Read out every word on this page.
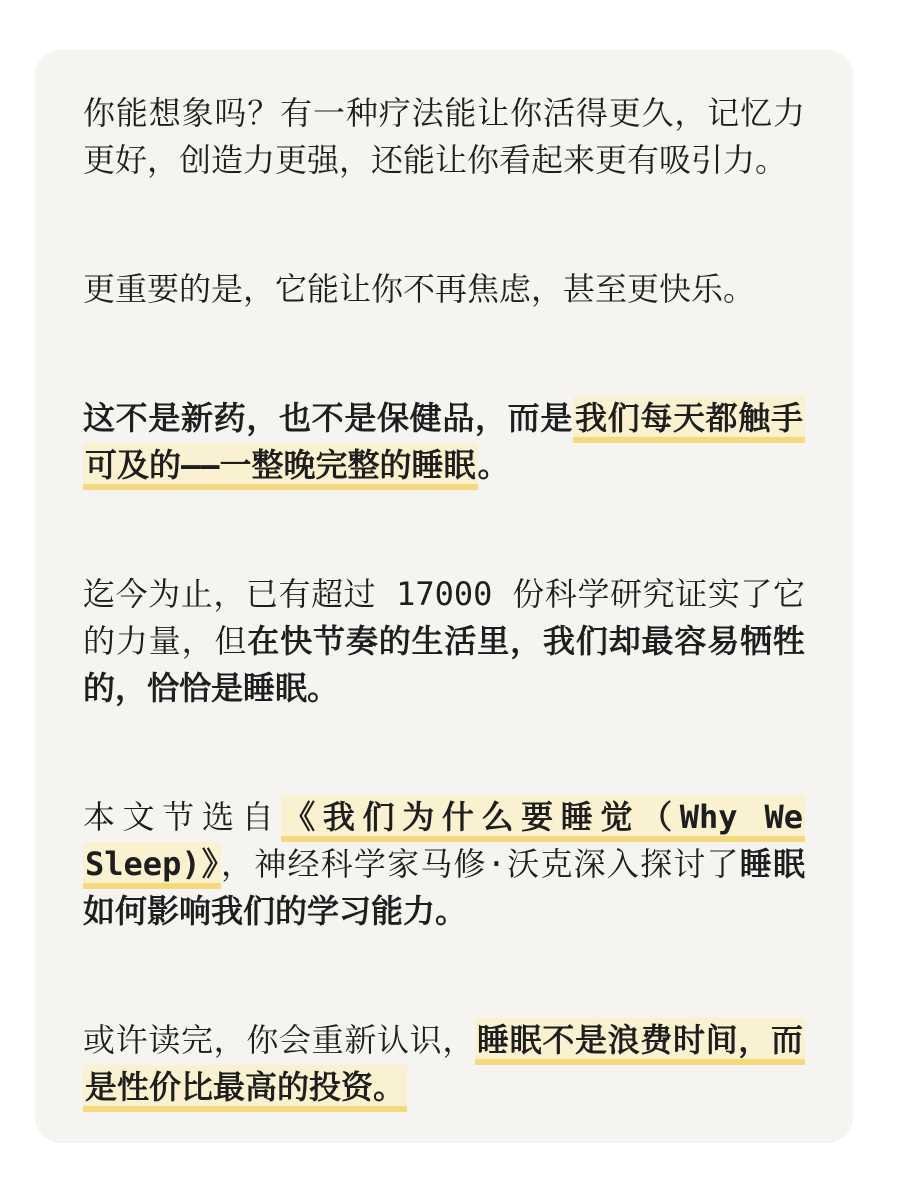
你能想象吗？有一种疗法能让你活得更久，记忆力更好，创造力更强，还能让你看起来更有吸引力。

更重要的是，它能让你不再焦虑，甚至更快乐。

这不是新药，也不是保健品，而是我们每天都触手可及的——一整晚完整的睡眠。

迄今为止，已有超过 17000 份科学研究证实了它的力量，但在快节奏的生活里，我们却最容易牺牲的，恰恰是睡眠。

本文节选自《我们为什么要睡觉（Why We Sleep)》，神经科学家马修·沃克深入探讨了睡眠如何影响我们的学习能力。

或许读完，你会重新认识，睡眠不是浪费时间，而是性价比最高的投资。
